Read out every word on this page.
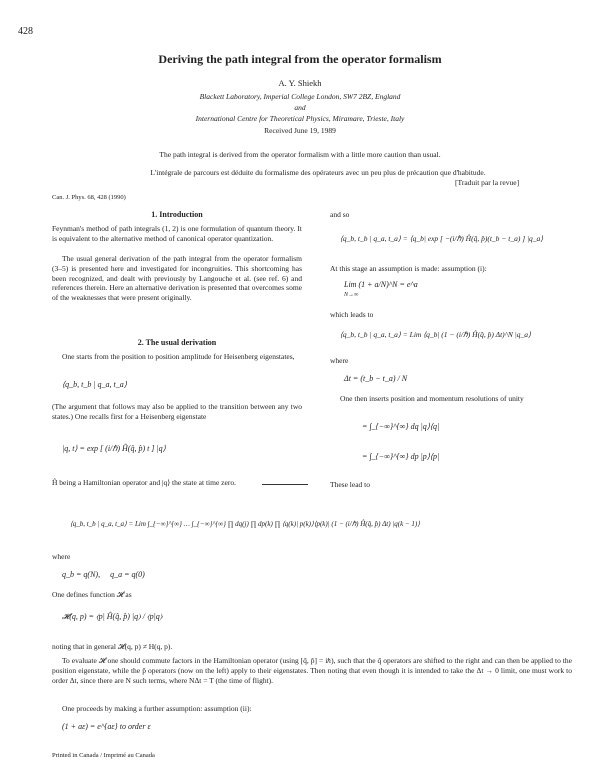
428
Deriving the path integral from the operator formalism
A. Y. Shiekh
Blackett Laboratory, Imperial College London, SW7 2BZ, England
and
International Centre for Theoretical Physics, Miramare, Trieste, Italy
Received June 19, 1989
The path integral is derived from the operator formalism with a little more caution than usual.
L'intégrale de parcours est déduite du formalisme des opérateurs avec un peu plus de précaution que d'habitude.
[Traduit par la revue]
Can. J. Phys. 68, 428 (1990)
1. Introduction
Feynman's method of path integrals (1, 2) is one formulation of quantum theory. It is equivalent to the alternative method of canonical operator quantization.
The usual general derivation of the path integral from the operator formalism (3–5) is presented here and investigated for incongruities. This shortcoming has been recognized, and dealt with previously by Langouche et al. (see ref. 6) and references therein. Here an alternative derivation is presented that overcomes some of the weaknesses that were present originally.
2. The usual derivation
One starts from the position to position amplitude for Heisenberg eigenstates,
⟨q_b, t_b | q_a, t_a⟩
(The argument that follows may also be applied to the transition between any two states.) One recalls first for a Heisenberg eigenstate
|q, t⟩ = exp [ (i/ℏ) Ĥ(q̂, p̂) t ] |q⟩
Ĥ being a Hamiltonian operator and |q⟩ the state at time zero.
and so
⟨q_b, t_b | q_a, t_a⟩ = ⟨q_b| exp [ −(i/ℏ) Ĥ(q̂, p̂)(t_b − t_a) ] |q_a⟩
At this stage an assumption is made: assumption (i):
Lim (1 + a/N)^N = e^a
N→∞
which leads to
⟨q_b, t_b | q_a, t_a⟩ = Lim ⟨q_b| (1 − (i/ℏ) Ĥ(q̂, p̂) Δt)^N |q_a⟩
where
Δt = (t_b − t_a) / N
One then inserts position and momentum resolutions of unity
= ∫_{−∞}^{∞} dq |q⟩⟨q|
= ∫_{−∞}^{∞} dp |p⟩⟨p|
These lead to
⟨q_b, t_b | q_a, t_a⟩ = Lim ∫_{−∞}^{∞} … ∫_{−∞}^{∞} ∏ dq(j) ∏ dp(k) ∏ ⟨q(k)| p(k)⟩⟨p(k)| (1 − (i/ℏ) Ĥ(q̂, p̂) Δt) |q(k − 1)⟩
where
q_b = q(N),     q_a = q(0)
One defines function 𝓗 as
𝓗(q, p) = ⟨p| Ĥ(q̂, p̂) |q⟩ / ⟨p|q⟩
noting that in general 𝓗(q, p) ≠ H(q, p).
To evaluate 𝓗 one should commute factors in the Hamiltonian operator (using [q̂, p̂] = iℏ), such that the q̂ operators are shifted to the right and can then be applied to the position eigenstate, while the p̂ operators (now on the left) apply to their eigenstates. Then noting that even though it is intended to take the Δt → 0 limit, one must work to order Δt, since there are N such terms, where NΔt = T (the time of flight).
One proceeds by making a further assumption: assumption (ii):
(1 + aε) = e^{aε} to order ε
Printed in Canada / Imprimé au Canada
